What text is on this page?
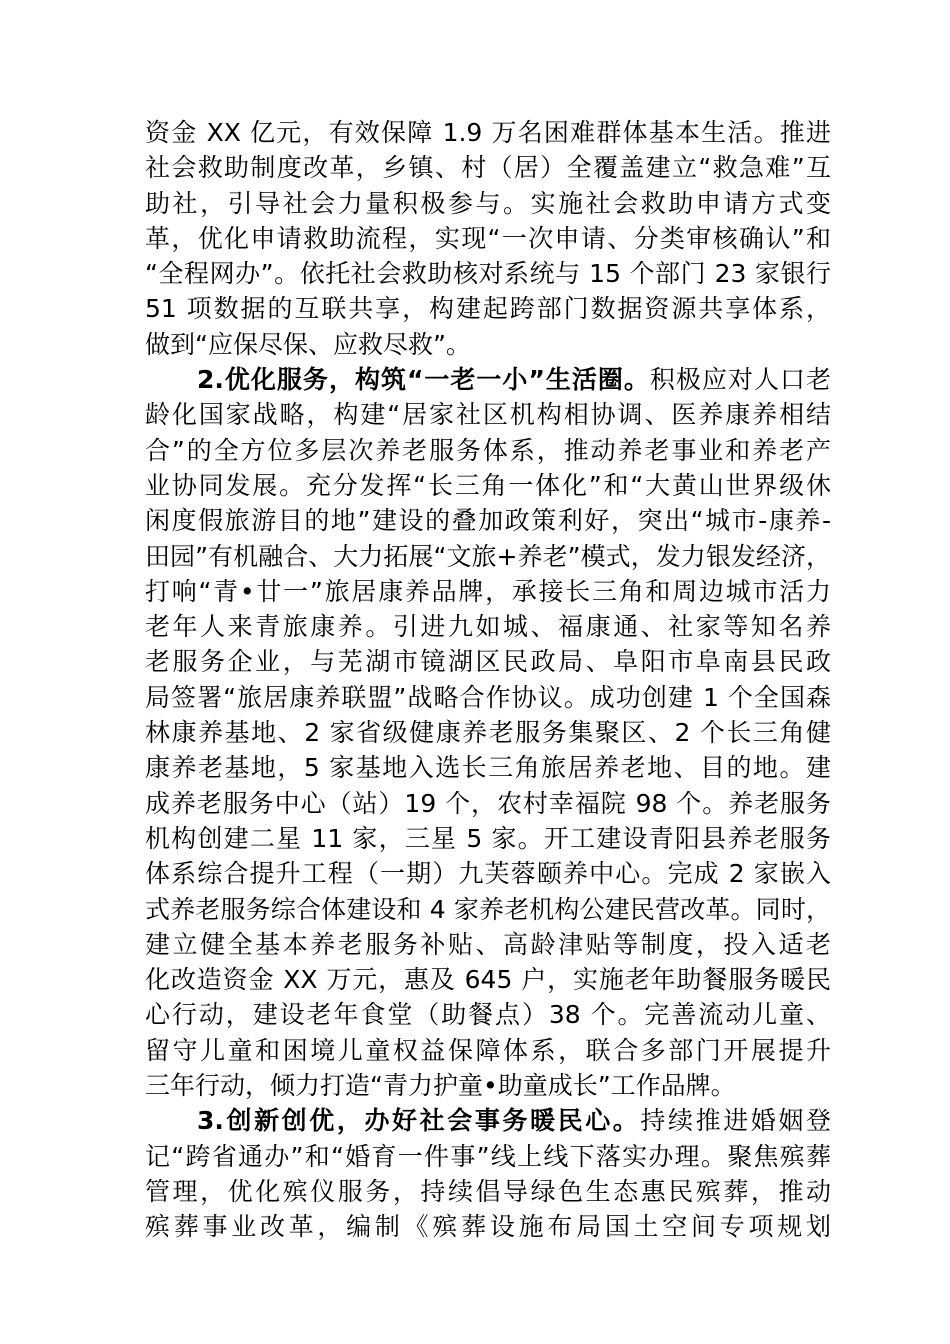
资金 XX 亿元，有效保障 1.9 万名困难群体基本生活。推进
社会救助制度改革，乡镇、村（居）全覆盖建立“救急难”互
助社，引导社会力量积极参与。实施社会救助申请方式变
革，优化申请救助流程，实现“一次申请、分类审核确认”和
“全程网办”。依托社会救助核对系统与 15 个部门 23 家银行
51 项数据的互联共享，构建起跨部门数据资源共享体系，
做到“应保尽保、应救尽救”。
2.优化服务，构筑“一老一小”生活圈。积极应对人口老
龄化国家战略，构建“居家社区机构相协调、医养康养相结
合”的全方位多层次养老服务体系，推动养老事业和养老产
业协同发展。充分发挥“长三角一体化”和“大黄山世界级休
闲度假旅游目的地”建设的叠加政策利好，突出“城市-康养-
田园”有机融合、大力拓展“文旅+养老”模式，发力银发经济，
打响“青•廿一”旅居康养品牌，承接长三角和周边城市活力
老年人来青旅康养。引进九如城、福康通、社家等知名养
老服务企业，与芜湖市镜湖区民政局、阜阳市阜南县民政
局签署“旅居康养联盟”战略合作协议。成功创建 1 个全国森
林康养基地、2 家省级健康养老服务集聚区、2 个长三角健
康养老基地，5 家基地入选长三角旅居养老地、目的地。建
成养老服务中心（站）19 个，农村幸福院 98 个。养老服务
机构创建二星 11 家，三星 5 家。开工建设青阳县养老服务
体系综合提升工程（一期）九芙蓉颐养中心。完成 2 家嵌入
式养老服务综合体建设和 4 家养老机构公建民营改革。同时，
建立健全基本养老服务补贴、高龄津贴等制度，投入适老
化改造资金 XX 万元，惠及 645 户，实施老年助餐服务暖民
心行动，建设老年食堂（助餐点）38 个。完善流动儿童、
留守儿童和困境儿童权益保障体系，联合多部门开展提升
三年行动，倾力打造“青力护童•助童成长”工作品牌。
3.创新创优，办好社会事务暖民心。持续推进婚姻登
记“跨省通办”和“婚育一件事”线上线下落实办理。聚焦殡葬
管理，优化殡仪服务，持续倡导绿色生态惠民殡葬，推动
殡葬事业改革，编制《殡葬设施布局国土空间专项规划
